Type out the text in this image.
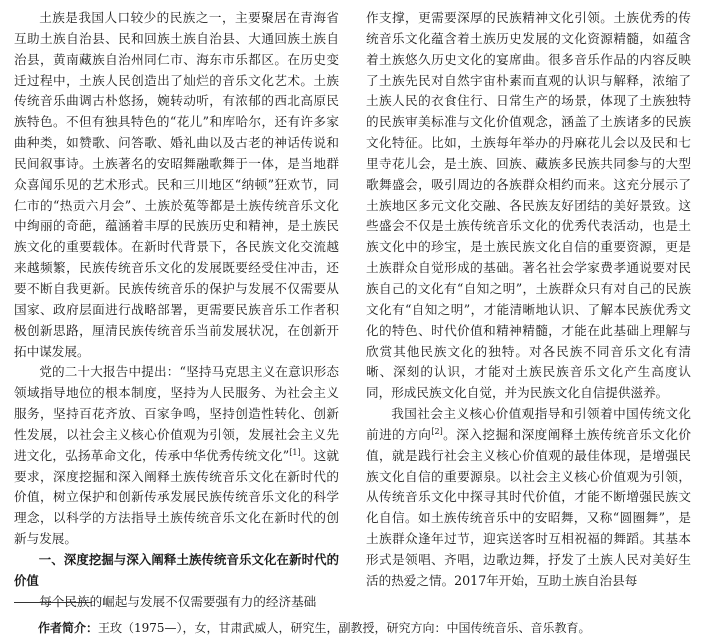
土族是我国人口较少的民族之一，主要聚居在青海省互助土族自治县、民和回族土族自治县、大通回族土族自治县，黄南藏族自治州同仁市、海东市乐都区。在历史变迁过程中，土族人民创造出了灿烂的音乐文化艺术。土族传统音乐曲调古朴悠扬，婉转动听，有浓郁的西北高原民族特色。不但有独具特色的“花儿”和库哈尔，还有许多家曲种类，如赞歌、问答歌、婚礼曲以及古老的神话传说和民间叙事诗。土族著名的安昭舞融歌舞于一体，是当地群众喜闻乐见的艺术形式。民和三川地区“纳顿”狂欢节，同仁市的“热贡六月会”、土族於菟等都是土族传统音乐文化中绚丽的奇葩，蕴涵着丰厚的民族历史和精神，是土族民族文化的重要载体。在新时代背景下，各民族文化交流越来越频繁，民族传统音乐文化的发展既要经受住冲击，还要不断自我更新。民族传统音乐的保护与发展不仅需要从国家、政府层面进行战略部署，更需要民族音乐工作者积极创新思路，厘清民族传统音乐当前发展状况，在创新开拓中谋发展。

党的二十大报告中提出：“坚持马克思主义在意识形态领域指导地位的根本制度，坚持为人民服务、为社会主义服务，坚持百花齐放、百家争鸣，坚持创造性转化、创新性发展，以社会主义核心价值观为引领，发展社会主义先进文化，弘扬革命文化，传承中华优秀传统文化”[1]。这就要求，深度挖掘和深入阐释土族传统音乐文化在新时代的价值，树立保护和创新传承发展民族传统音乐文化的科学理念，以科学的方法指导土族传统音乐文化在新时代的创新与发展。

一、深度挖掘与深入阐释土族传统音乐文化在新时代的价值

每个民族的崛起与发展不仅需要强有力的经济基础

作支撑，更需要深厚的民族精神文化引领。土族优秀的传统音乐文化蕴含着土族历史发展的文化资源精髓，如蕴含着土族悠久历史文化的宴席曲。很多音乐作品的内容反映了土族先民对自然宇宙朴素而直观的认识与解释，浓缩了土族人民的衣食住行、日常生产的场景，体现了土族独特的民族审美标准与文化价值观念，涵盖了土族诸多的民族文化特征。比如，土族每年举办的丹麻花儿会以及民和七里寺花儿会，是土族、回族、藏族多民族共同参与的大型歌舞盛会，吸引周边的各族群众相约而来。这充分展示了土族地区多元文化交融、各民族友好团结的美好景致。这些盛会不仅是土族传统音乐文化的优秀代表活动，也是土族文化中的珍宝，是土族民族文化自信的重要资源，更是土族群众自觉形成的基础。著名社会学家费孝通说要对民族自己的文化有“自知之明”，土族群众只有对自己的民族文化有“自知之明”，才能清晰地认识、了解本民族优秀文化的特色、时代价值和精神精髓，才能在此基础上理解与欣赏其他民族文化的独特。对各民族不同音乐文化有清晰、深刻的认识，才能对土族民族音乐文化产生高度认同，形成民族文化自觉，并为民族文化自信提供滋养。

我国社会主义核心价值观指导和引领着中国传统文化前进的方向[2]。深入挖掘和深度阐释土族传统音乐文化价值，就是践行社会主义核心价值观的最佳体现，是增强民族文化自信的重要源泉。以社会主义核心价值观为引领，从传统音乐文化中探寻其时代价值，才能不断增强民族文化自信。如土族传统音乐中的安昭舞，又称“圆圈舞”，是土族群众逢年过节，迎宾送客时互相祝福的舞蹈。其基本形式是领唱、齐唱，边歌边舞，抒发了土族人民对美好生活的热爱之情。2017年开始，互助土族自治县每

作者简介：王玫（1975—），女，甘肃武威人，研究生，副教授，研究方向：中国传统音乐、音乐教育。
